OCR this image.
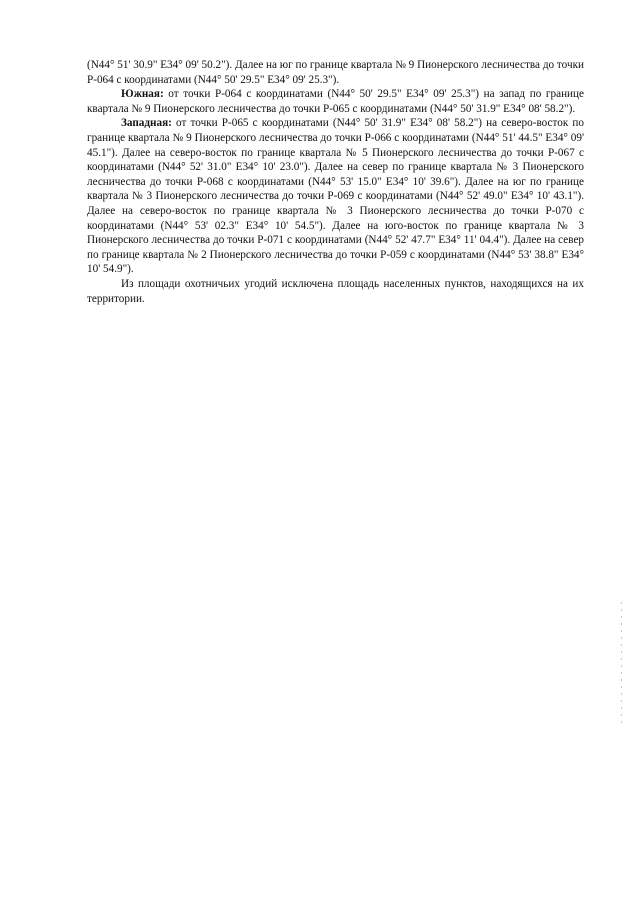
(N44° 51' 30.9" E34° 09' 50.2"). Далее на юг по границе квартала № 9 Пионерского лесничества до точки Р-064 с координатами (N44° 50' 29.5" E34° 09' 25.3").

Южная: от точки Р-064 с координатами (N44° 50' 29.5" E34° 09' 25.3") на запад по границе квартала № 9 Пионерского лесничества до точки Р-065 с координатами (N44° 50' 31.9" E34° 08' 58.2").

Западная: от точки Р-065 с координатами (N44° 50' 31.9" E34° 08' 58.2") на северо-восток по границе квартала № 9 Пионерского лесничества до точки Р-066 с координатами (N44° 51' 44.5" E34° 09' 45.1"). Далее на северо-восток по границе квартала № 5 Пионерского лесничества до точки Р-067 с координатами (N44° 52' 31.0" E34° 10' 23.0"). Далее на север по границе квартала № 3 Пионерского лесничества до точки Р-068 с координатами (N44° 53' 15.0" E34° 10' 39.6"). Далее на юг по границе квартала № 3 Пионерского лесничества до точки Р-069 с координатами (N44° 52' 49.0" E34° 10' 43.1"). Далее на северо-восток по границе квартала № 3 Пионерского лесничества до точки Р-070 с координатами (N44° 53' 02.3" E34° 10' 54.5"). Далее на юго-восток по границе квартала № 3 Пионерского лесничества до точки Р-071 с координатами (N44° 52' 47.7" E34° 11' 04.4"). Далее на север по границе квартала № 2 Пионерского лесничества до точки Р-059 с координатами (N44° 53' 38.8" E34° 10' 54.9").

Из площади охотничьих угодий исключена площадь населенных пунктов, находящихся на их территории.
